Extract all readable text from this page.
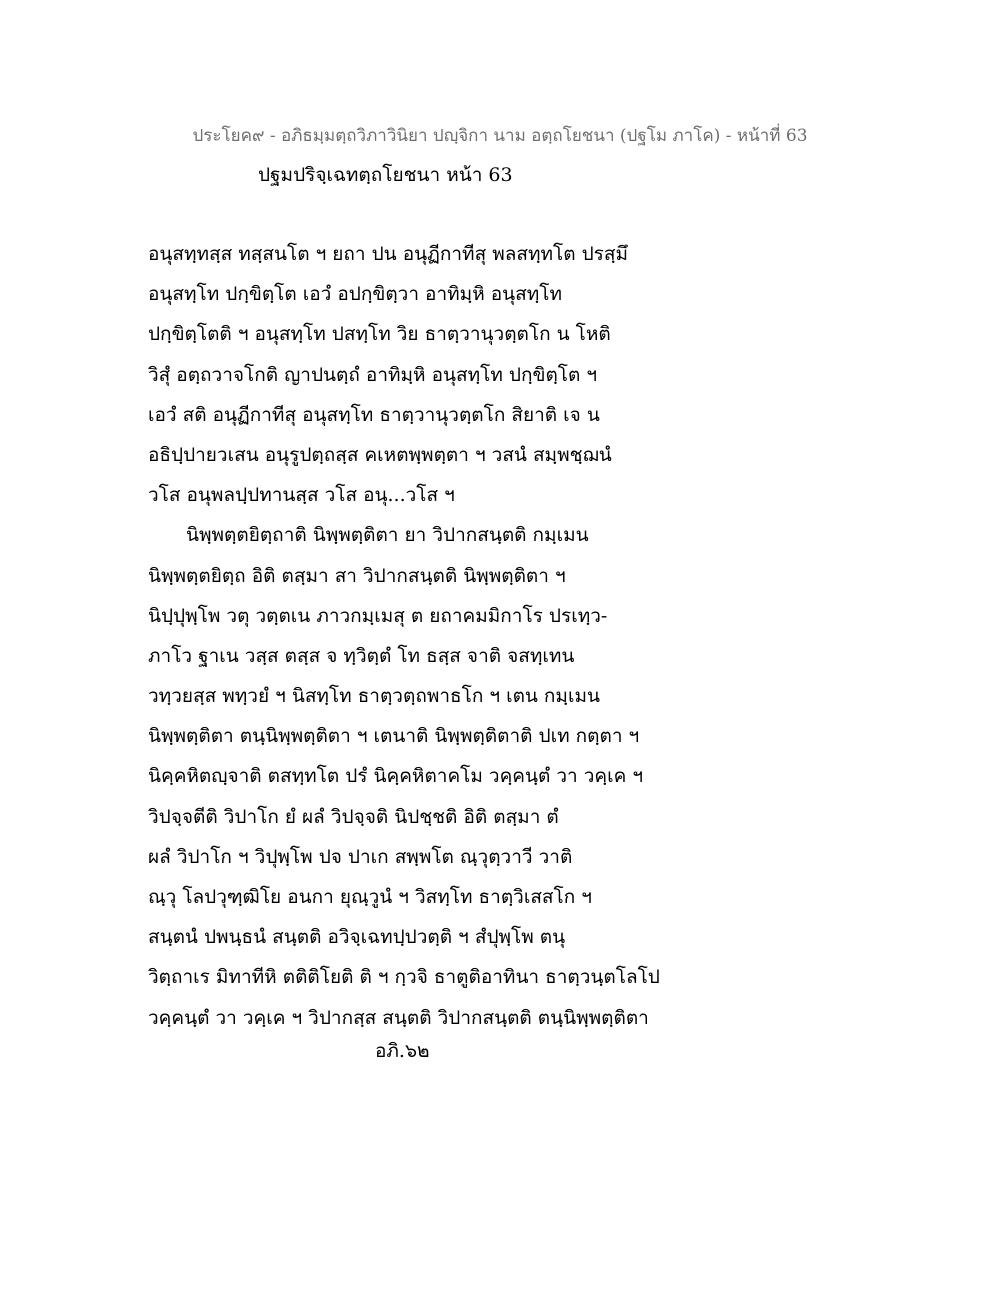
ประโยค๙ - อภิธมฺมตฺถวิภาวินิยา ปญฺจิกา นาม อตฺถโยชนา (ปฐโม ภาโค) - หน้าที่ 63
ปฐมปริจฺเฉทตฺถโยชนา หน้า 63
อนุสทฺทสฺส ทสฺสนโต ฯ ยถา ปน อนุฏีกาทีสุ พลสทฺทโต ปรสฺมึ
อนุสทฺโท ปกฺขิตฺโต เอวํ อปกฺขิตฺวา อาทิมฺหิ อนุสทฺโท
ปกฺขิตฺโตติ ฯ อนุสทฺโท ปสทฺโท วิย ธาตฺวานุวตฺตโก น โหติ
วิสุํ อตฺถวาจโกติ ญาปนตฺถํ อาทิมฺหิ อนุสทฺโท ปกฺขิตฺโต ฯ
เอวํ สติ อนุฏีกาทีสุ อนุสทฺโท ธาตฺวานุวตฺตโก สิยาติ เจ น
อธิปฺปายวเสน อนุรูปตฺถสฺส คเหตพฺพตฺตา ฯ วสนํ สมฺพชฺฌนํ
วโส อนุพลปฺปทานสฺส วโส อนุ...วโส ฯ
นิพฺพตฺตยิตฺถาติ นิพฺพตฺติตา ยา วิปากสนฺตติ กมฺเมน
นิพฺพตฺตยิตฺถ อิติ ตสฺมา สา วิปากสนฺตติ นิพฺพตฺติตา ฯ
นิปฺปุพฺโพ วตุ วตฺตเน ภาวกมฺเมสุ ต ยถาคมมิกาโร ปรเทฺว-
ภาโว ฐาเน วสฺส ตสฺส จ ทฺวิตฺตํ โท ธสฺส จาติ จสทฺเทน
วทฺวยสฺส พทฺวยํ ฯ นิสทฺโท ธาตฺวตฺถพาธโก ฯ เตน กมฺเมน
นิพฺพตฺติตา ตนฺนิพฺพตฺติตา ฯ เตนาติ นิพฺพตฺติตาติ ปเท กตฺตา ฯ
นิคฺคหิตญฺจาติ ตสทฺทโต ปรํ นิคฺคหิตาคโม วคฺคนฺตํ วา วคฺเค ฯ
วิปจฺจตีติ วิปาโก ยํ ผลํ วิปจฺจติ นิปชฺชติ อิติ ตสฺมา ตํ
ผลํ วิปาโก ฯ วิปุพฺโพ ปจ ปาเก สพฺพโต ณฺวุตฺวาวี วาติ
ณฺวุ โลปวุฑฺฒิโย อนกา ยุณฺวูนํ ฯ วิสทฺโท ธาตฺวิเสสโก ฯ
สนฺตนํ ปพนฺธนํ สนฺตติ อวิจฺเฉทปฺปวตฺติ ฯ สํปุพฺโพ ตนุ
วิตฺถาเร มิทาทีหิ ตติติโยติ ติ ฯ กฺวจิ ธาตูติอาทินา ธาตฺวนฺตโลโป
วคฺคนฺตํ วา วคฺเค ฯ วิปากสฺส สนฺตติ วิปากสนฺตติ ตนฺนิพฺพตฺติตา
อภิ.๖๒
